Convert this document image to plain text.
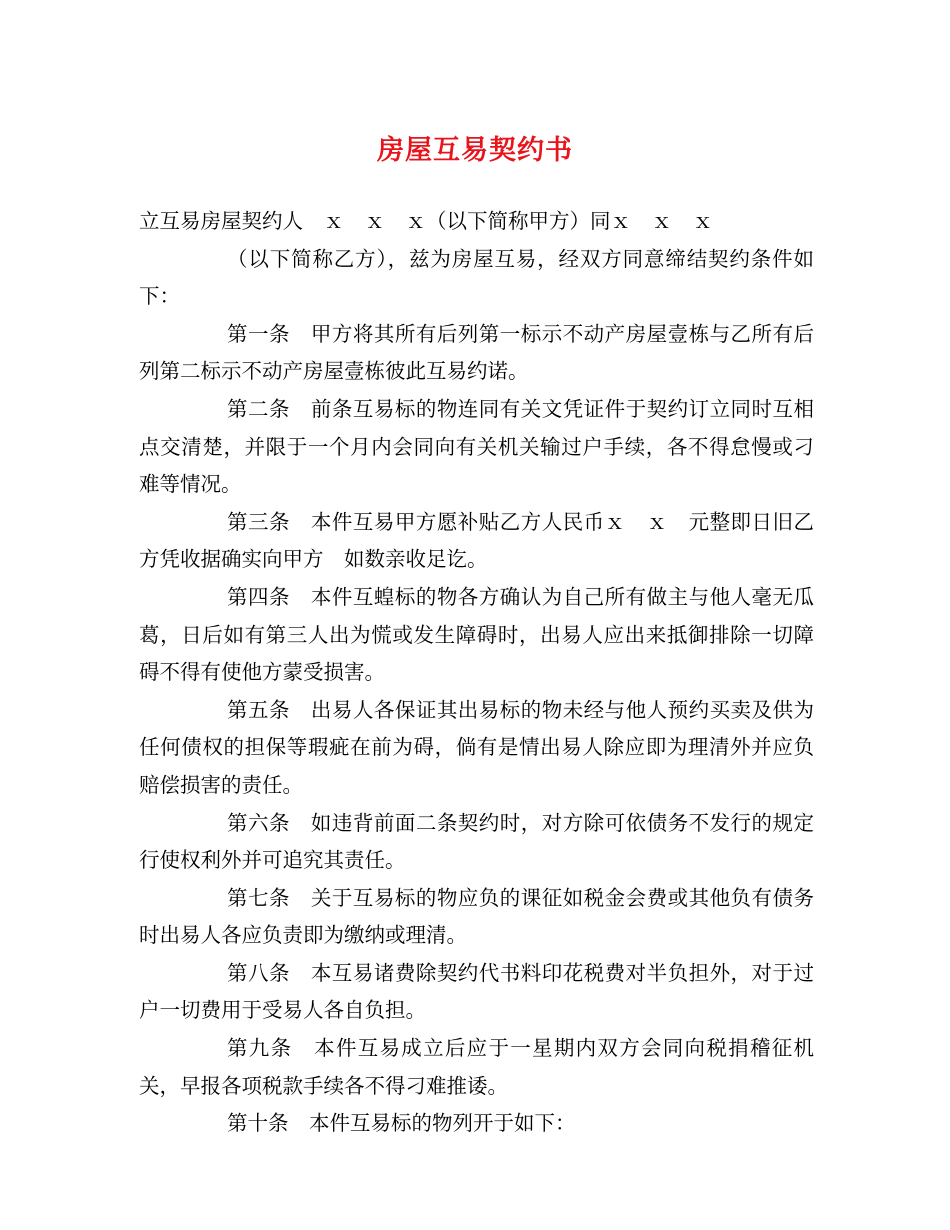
房屋互易契约书

立互易房屋契约人　ｘ　ｘ　ｘ（以下简称甲方）同ｘ　ｘ　ｘ

（以下简称乙方），兹为房屋互易，经双方同意缔结契约条件如下：

第一条　甲方将其所有后列第一标示不动产房屋壹栋与乙所有后列第二标示不动产房屋壹栋彼此互易约诺。

第二条　前条互易标的物连同有关文凭证件于契约订立同时互相点交清楚，并限于一个月内会同向有关机关输过户手续，各不得怠慢或刁难等情况。

第三条　本件互易甲方愿补贴乙方人民币ｘ　ｘ　元整即日旧乙方凭收据确实向甲方　如数亲收足讫。

第四条　本件互蝗标的物各方确认为自己所有做主与他人毫无瓜葛，日后如有第三人出为慌或发生障碍时，出易人应出来抵御排除一切障碍不得有使他方蒙受损害。

第五条　出易人各保证其出易标的物未经与他人预约买卖及供为任何债权的担保等瑕疵在前为碍，倘有是情出易人除应即为理清外并应负赔偿损害的责任。

第六条　如违背前面二条契约时，对方除可依债务不发行的规定行使权利外并可追究其责任。

第七条　关于互易标的物应负的课征如税金会费或其他负有债务时出易人各应负责即为缴纳或理清。

第八条　本互易诸费除契约代书料印花税费对半负担外，对于过户一切费用于受易人各自负担。

第九条　本件互易成立后应于一星期内双方会同向税捐稽征机关，早报各项税款手续各不得刁难推诿。

第十条　本件互易标的物列开于如下：
